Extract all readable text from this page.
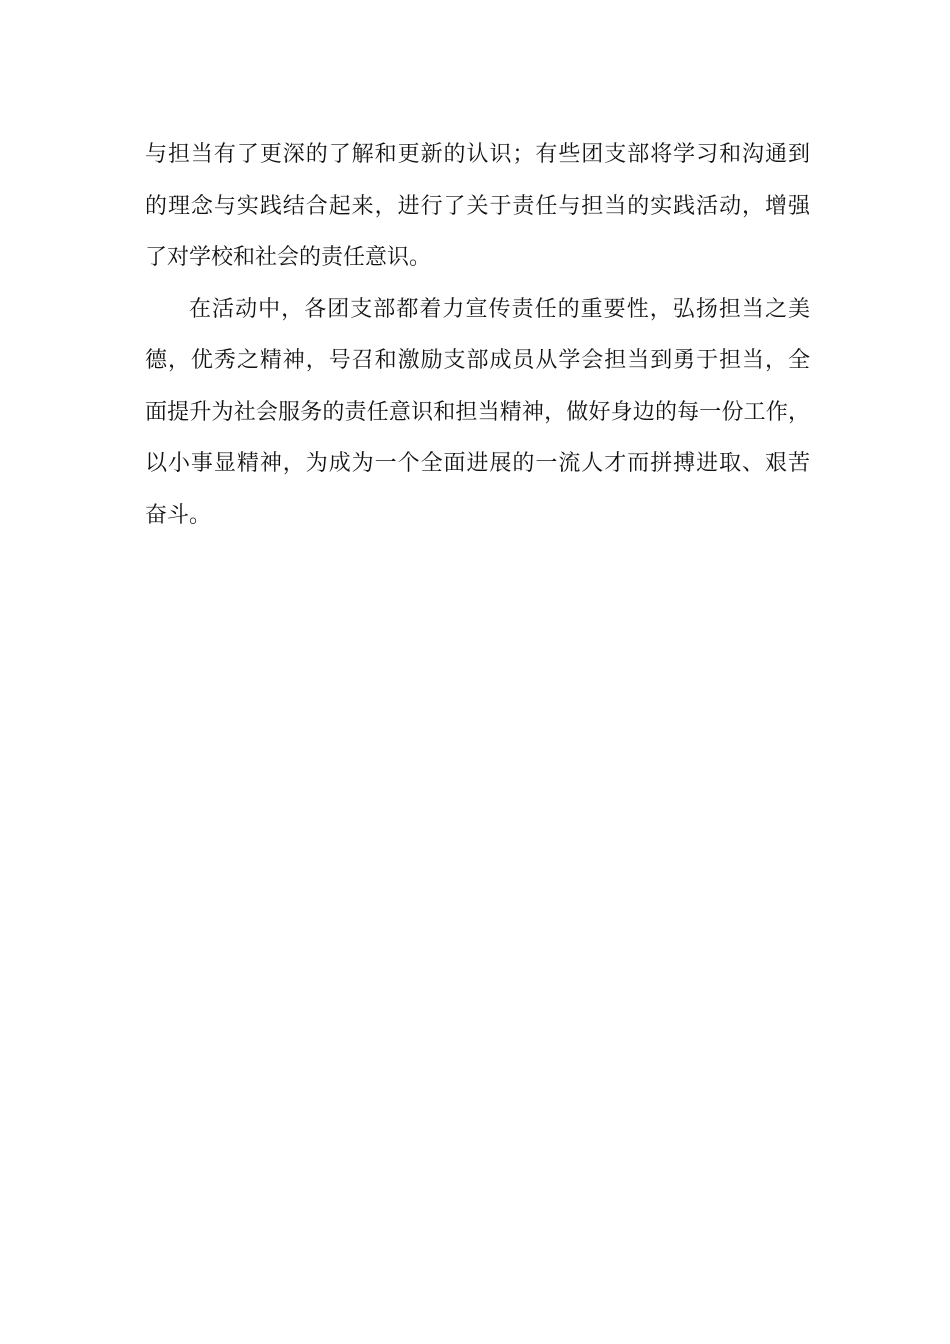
与担当有了更深的了解和更新的认识；有些团支部将学习和沟通到
的理念与实践结合起来，进行了关于责任与担当的实践活动，增强
了对学校和社会的责任意识。
在活动中，各团支部都着力宣传责任的重要性，弘扬担当之美
德，优秀之精神，号召和激励支部成员从学会担当到勇于担当，全
面提升为社会服务的责任意识和担当精神，做好身边的每一份工作，
以小事显精神，为成为一个全面进展的一流人才而拼搏进取、艰苦
奋斗。
